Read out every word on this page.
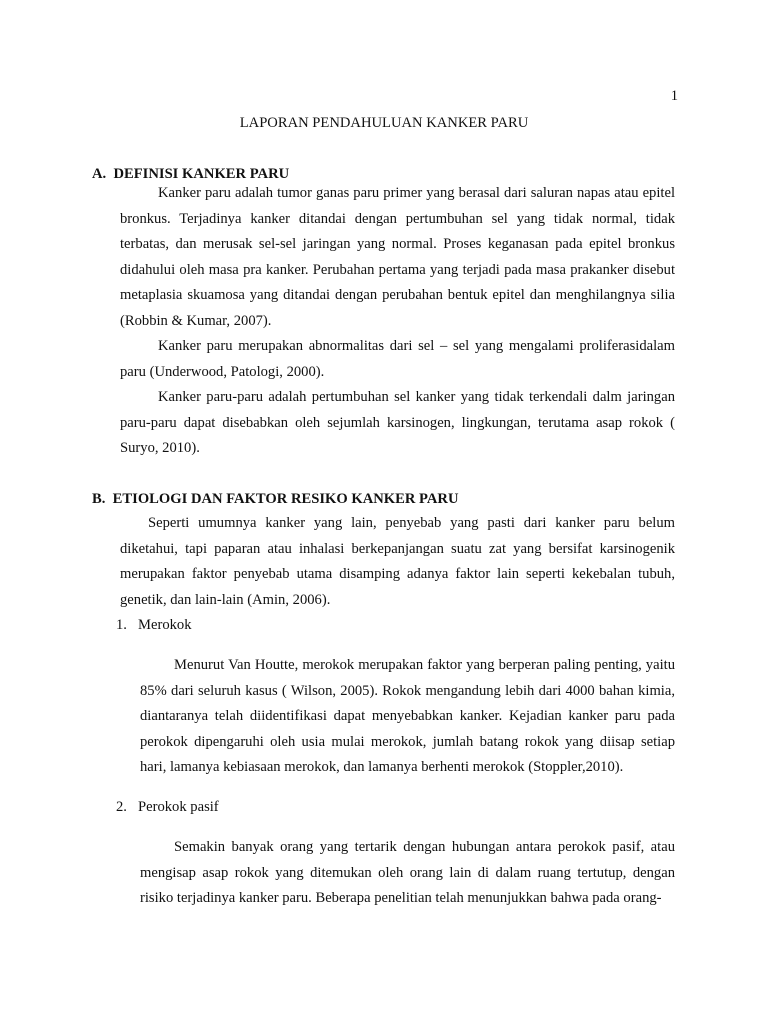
1
LAPORAN PENDAHULUAN KANKER PARU
A.  DEFINISI KANKER PARU

Kanker paru adalah tumor ganas paru primer yang berasal dari saluran napas atau epitel bronkus. Terjadinya kanker ditandai dengan pertumbuhan sel yang tidak normal, tidak terbatas, dan merusak sel-sel jaringan yang normal. Proses keganasan pada epitel bronkus didahului oleh masa pra kanker. Perubahan pertama yang terjadi pada masa prakanker disebut metaplasia skuamosa yang ditandai dengan perubahan bentuk epitel dan menghilangnya silia (Robbin & Kumar, 2007).

Kanker paru merupakan abnormalitas dari sel – sel yang mengalami proliferasidalam paru (Underwood, Patologi, 2000).

Kanker paru-paru adalah pertumbuhan sel kanker yang tidak terkendali dalm jaringan paru-paru dapat disebabkan oleh sejumlah karsinogen, lingkungan, terutama asap rokok ( Suryo, 2010).

B.  ETIOLOGI DAN FAKTOR RESIKO KANKER PARU

Seperti umumnya kanker yang lain, penyebab yang pasti dari kanker paru belum diketahui, tapi paparan atau inhalasi berkepanjangan suatu zat yang bersifat karsinogenik merupakan faktor penyebab utama disamping adanya faktor lain seperti kekebalan tubuh, genetik, dan lain-lain (Amin, 2006).

1. Merokok

Menurut Van Houtte, merokok merupakan faktor yang berperan paling penting, yaitu 85% dari seluruh kasus ( Wilson, 2005). Rokok mengandung lebih dari 4000 bahan kimia, diantaranya telah diidentifikasi dapat menyebabkan kanker. Kejadian kanker paru pada perokok dipengaruhi oleh usia mulai merokok, jumlah batang rokok yang diisap setiap hari, lamanya kebiasaan merokok, dan lamanya berhenti merokok (Stoppler,2010).

2. Perokok pasif

Semakin banyak orang yang tertarik dengan hubungan antara perokok pasif, atau mengisap asap rokok yang ditemukan oleh orang lain di dalam ruang tertutup, dengan risiko terjadinya kanker paru. Beberapa penelitian telah menunjukkan bahwa pada orang-
